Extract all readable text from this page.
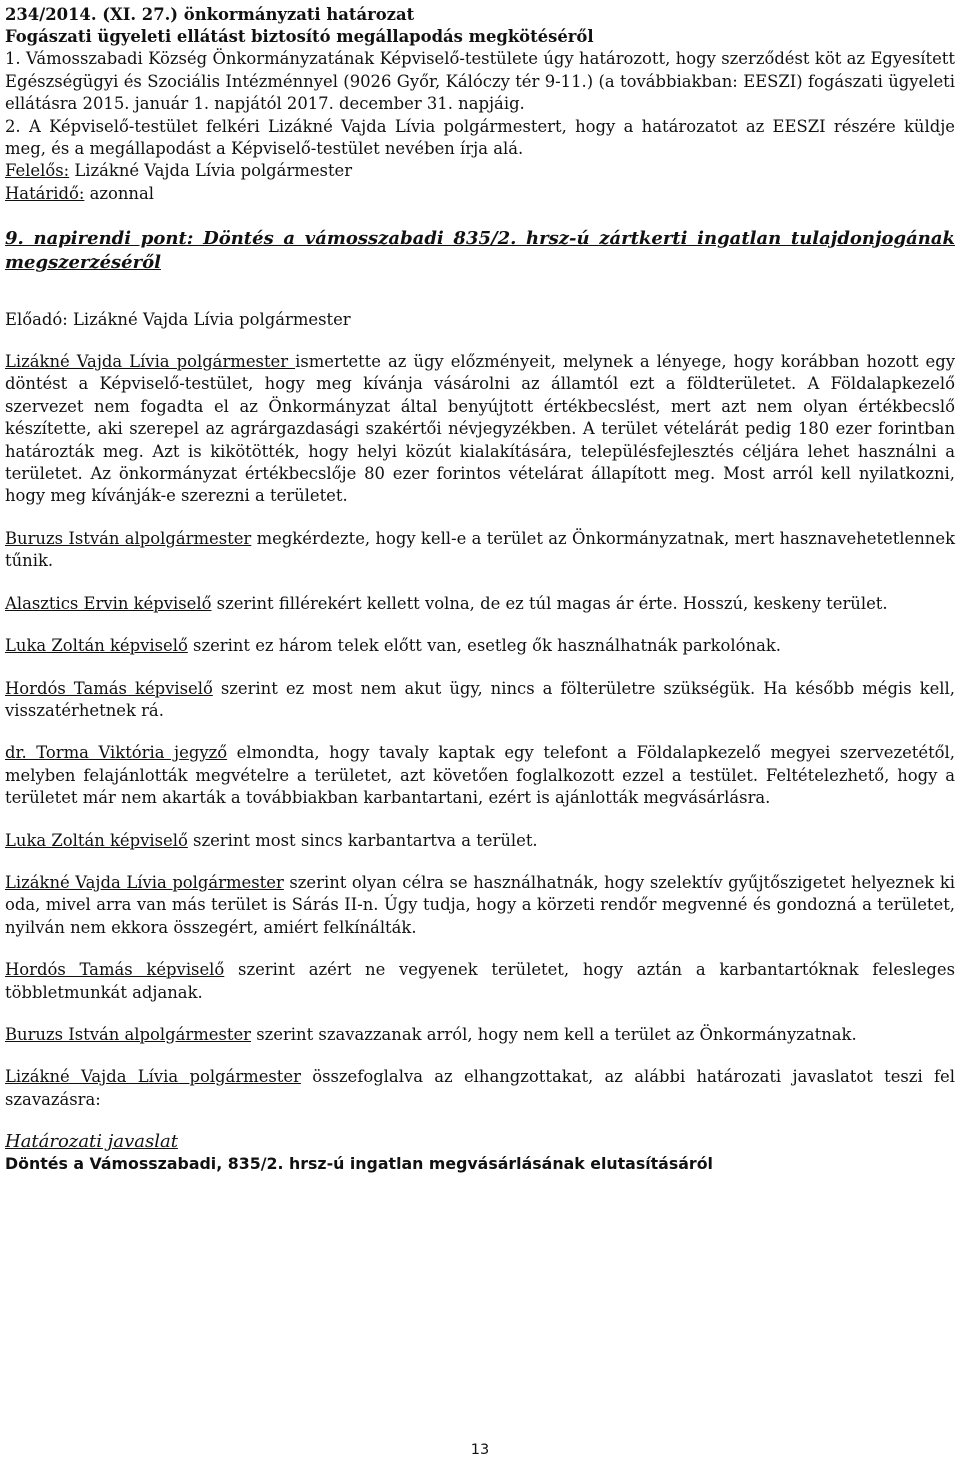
234/2014. (XI. 27.) önkormányzati határozat
Fogászati ügyeleti ellátást biztosító megállapodás megkötéséről

1. Vámosszabadi Község Önkormányzatának Képviselő-testülete úgy határozott, hogy szerződést köt az Egyesített Egészségügyi és Szociális Intézménnyel (9026 Győr, Kálóczy tér 9-11.) (a továbbiakban: EESZI) fogászati ügyeleti ellátásra 2015. január 1. napjától 2017. december 31. napjáig.

2. A Képviselő-testület felkéri Lizákné Vajda Lívia polgármestert, hogy a határozatot az EESZI részére küldje meg, és a megállapodást a Képviselő-testület nevében írja alá.

Felelős: Lizákné Vajda Lívia polgármester
Határidő: azonnal
9. napirendi pont: Döntés a vámosszabadi 835/2. hrsz-ú zártkerti ingatlan tulajdonjogának megszerzéséről
Előadó: Lizákné Vajda Lívia polgármester

Lizákné Vajda Lívia polgármester ismertette az ügy előzményeit, melynek a lényege, hogy korábban hozott egy döntést a Képviselő-testület, hogy meg kívánja vásárolni az államtól ezt a földterületet. A Földalapkezelő szervezet nem fogadta el az Önkormányzat által benyújtott értékbecslést, mert azt nem olyan értékbecslő készítette, aki szerepel az agrárgazdasági szakértői névjegyzékben. A terület vételárát pedig 180 ezer forintban határozták meg. Azt is kikötötték, hogy helyi közút kialakítására, településfejlesztés céljára lehet használni a területet. Az önkormányzat értékbecslője 80 ezer forintos vételárat állapított meg. Most arról kell nyilatkozni, hogy meg kívánják-e szerezni a területet.

Buruzs István alpolgármester megkérdezte, hogy kell-e a terület az Önkormányzatnak, mert hasznavehetetlennek tűnik.

Alasztics Ervin képviselő szerint fillérekért kellett volna, de ez túl magas ár érte. Hosszú, keskeny terület.

Luka Zoltán képviselő szerint ez három telek előtt van, esetleg ők használhatnák parkolónak.

Hordós Tamás képviselő szerint ez most nem akut ügy, nincs a fölterületre szükségük. Ha később mégis kell, visszatérhetnek rá.

dr. Torma Viktória jegyző elmondta, hogy tavaly kaptak egy telefont a Földalapkezelő megyei szervezetétől, melyben felajánlották megvételre a területet, azt követően foglalkozott ezzel a testület. Feltételezhető, hogy a területet már nem akarták a továbbiakban karbantartani, ezért is ajánlották megvásárlásra.

Luka Zoltán képviselő szerint most sincs karbantartva a terület.

Lizákné Vajda Lívia polgármester szerint olyan célra se használhatnák, hogy szelektív gyűjtőszigetet helyeznek ki oda, mivel arra van más terület is Sárás II-n. Úgy tudja, hogy a körzeti rendőr megvenné és gondozná a területet, nyilván nem ekkora összegért, amiért felkínálták.

Hordós Tamás képviselő szerint azért ne vegyenek területet, hogy aztán a karbantartóknak felesleges többletmunkát adjanak.

Buruzs István alpolgármester szerint szavazzanak arról, hogy nem kell a terület az Önkormányzatnak.

Lizákné Vajda Lívia polgármester összefoglalva az elhangzottakat, az alábbi határozati javaslatot teszi fel szavazásra:

Határozati javaslat
Döntés a Vámosszabadi, 835/2. hrsz-ú ingatlan megvásárlásának elutasításáról
13
